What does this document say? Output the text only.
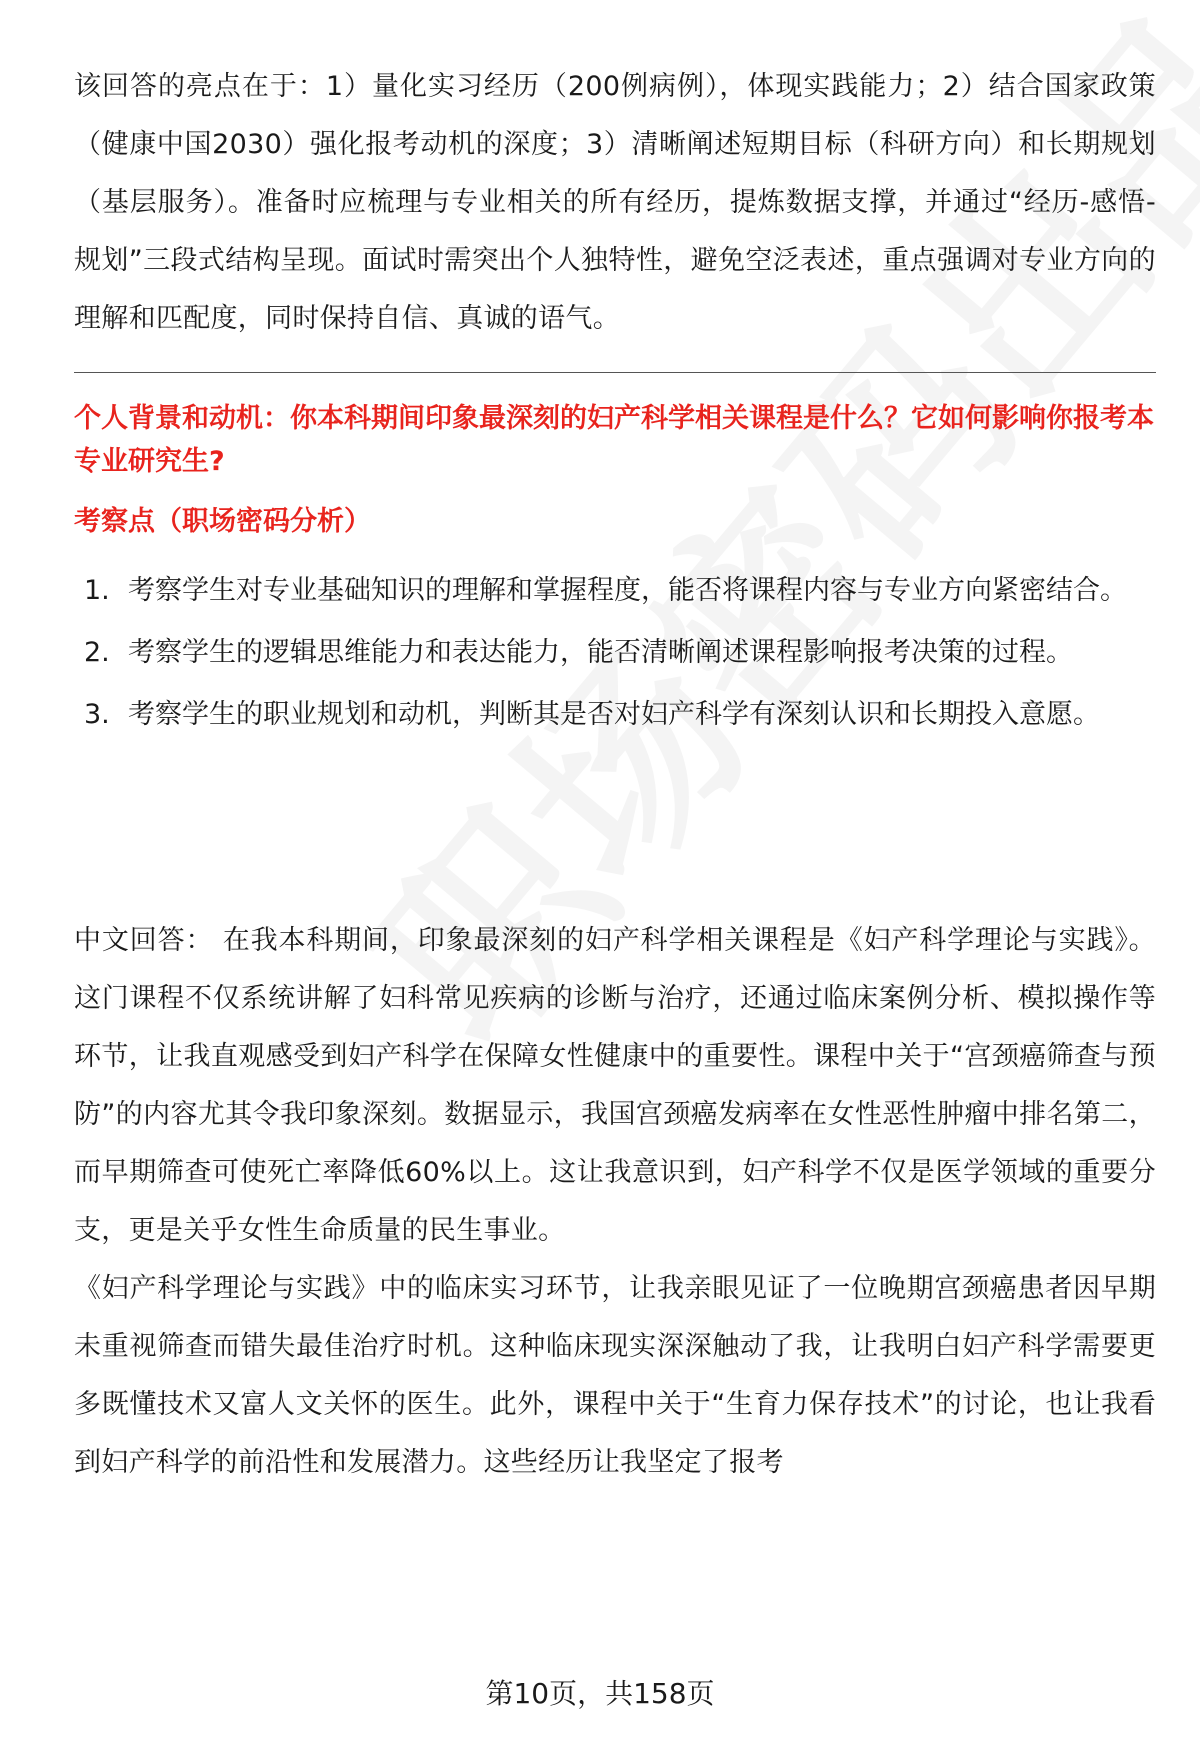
该回答的亮点在于：1）量化实习经历（200例病例），体现实践能力；2）结合国家政策（健康中国2030）强化报考动机的深度；3）清晰阐述短期目标（科研方向）和长期规划（基层服务）。准备时应梳理与专业相关的所有经历，提炼数据支撑，并通过“经历-感悟-规划”三段式结构呈现。面试时需突出个人独特性，避免空泛表述，重点强调对专业方向的理解和匹配度，同时保持自信、真诚的语气。

个人背景和动机：你本科期间印象最深刻的妇产科学相关课程是什么？它如何影响你报考本专业研究生?
考察点（职场密码分析）
1. 考察学生对专业基础知识的理解和掌握程度，能否将课程内容与专业方向紧密结合。
2. 考察学生的逻辑思维能力和表达能力，能否清晰阐述课程影响报考决策的过程。
3. 考察学生的职业规划和动机，判断其是否对妇产科学有深刻认识和长期投入意愿。

中文回答： 在我本科期间，印象最深刻的妇产科学相关课程是《妇产科学理论与实践》。这门课程不仅系统讲解了妇科常见疾病的诊断与治疗，还通过临床案例分析、模拟操作等环节，让我直观感受到妇产科学在保障女性健康中的重要性。课程中关于“宫颈癌筛查与预防”的内容尤其令我印象深刻。数据显示，我国宫颈癌发病率在女性恶性肿瘤中排名第二，而早期筛查可使死亡率降低60%以上。这让我意识到，妇产科学不仅是医学领域的重要分支，更是关乎女性生命质量的民生事业。

《妇产科学理论与实践》中的临床实习环节，让我亲眼见证了一位晚期宫颈癌患者因早期未重视筛查而错失最佳治疗时机。这种临床现实深深触动了我，让我明白妇产科学需要更多既懂技术又富人文关怀的医生。此外，课程中关于“生育力保存技术”的讨论，也让我看到妇产科学的前沿性和发展潜力。这些经历让我坚定了报考

第10页，共158页
